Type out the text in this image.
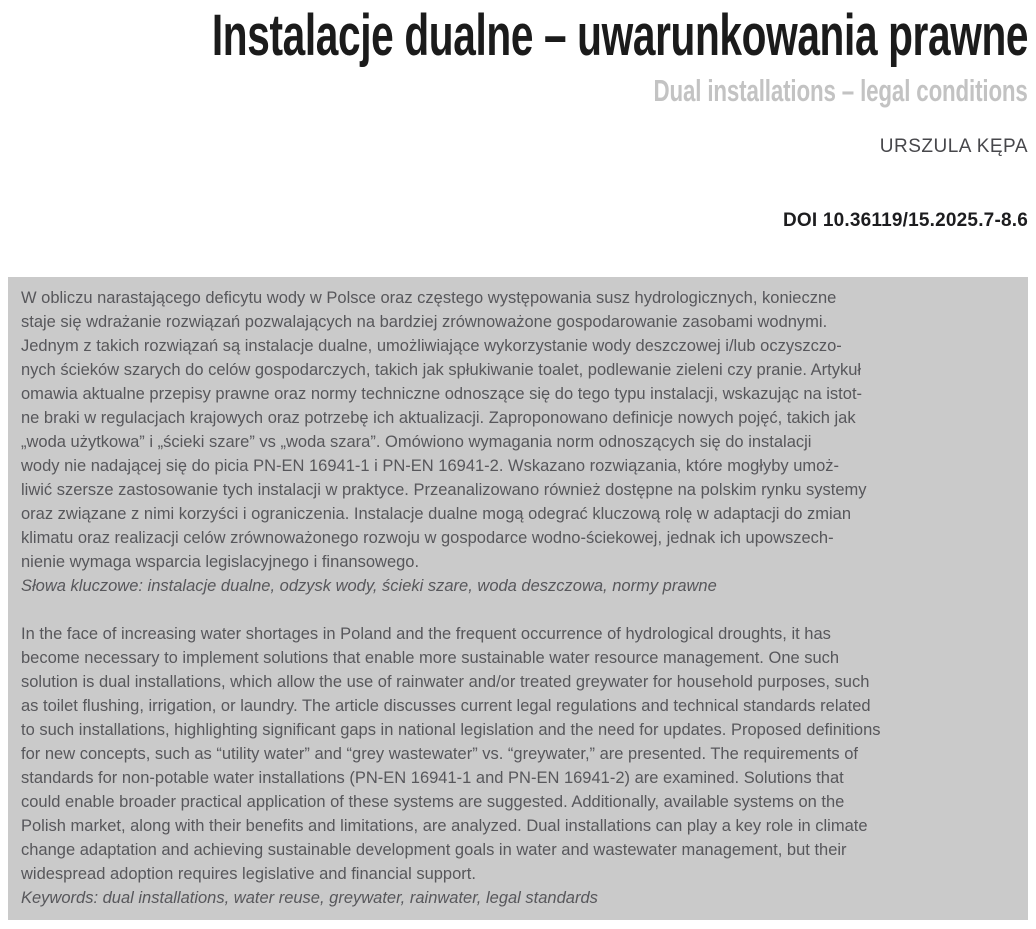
Instalacje dualne – uwarunkowania prawne
Dual installations – legal conditions
URSZULA KĘPA
DOI 10.36119/15.2025.7-8.6
W obliczu narastającego deficytu wody w Polsce oraz częstego występowania susz hydrologicznych, konieczne
staje się wdrażanie rozwiązań pozwalających na bardziej zrównoważone gospodarowanie zasobami wodnymi.
Jednym z takich rozwiązań są instalacje dualne, umożliwiające wykorzystanie wody deszczowej i/lub oczyszczo-
nych ścieków szarych do celów gospodarczych, takich jak spłukiwanie toalet, podlewanie zieleni czy pranie. Artykuł
omawia aktualne przepisy prawne oraz normy techniczne odnoszące się do tego typu instalacji, wskazując na istot-
ne braki w regulacjach krajowych oraz potrzebę ich aktualizacji. Zaproponowano definicje nowych pojęć, takich jak
„woda użytkowa” i „ścieki szare” vs „woda szara”. Omówiono wymagania norm odnoszących się do instalacji
wody nie nadającej się do picia PN-EN 16941-1 i PN-EN 16941-2. Wskazano rozwiązania, które mogłyby umoż-
liwić szersze zastosowanie tych instalacji w praktyce. Przeanalizowano również dostępne na polskim rynku systemy
oraz związane z nimi korzyści i ograniczenia. Instalacje dualne mogą odegrać kluczową rolę w adaptacji do zmian
klimatu oraz realizacji celów zrównoważonego rozwoju w gospodarce wodno-ściekowej, jednak ich upowszech-
nienie wymaga wsparcia legislacyjnego i finansowego.
Słowa kluczowe: instalacje dualne, odzysk wody, ścieki szare, woda deszczowa, normy prawne
In the face of increasing water shortages in Poland and the frequent occurrence of hydrological droughts, it has
become necessary to implement solutions that enable more sustainable water resource management. One such
solution is dual installations, which allow the use of rainwater and/or treated greywater for household purposes, such
as toilet flushing, irrigation, or laundry. The article discusses current legal regulations and technical standards related
to such installations, highlighting significant gaps in national legislation and the need for updates. Proposed definitions
for new concepts, such as “utility water” and “grey wastewater” vs. “greywater,” are presented. The requirements of
standards for non-potable water installations (PN-EN 16941-1 and PN-EN 16941-2) are examined. Solutions that
could enable broader practical application of these systems are suggested. Additionally, available systems on the
Polish market, along with their benefits and limitations, are analyzed. Dual installations can play a key role in climate
change adaptation and achieving sustainable development goals in water and wastewater management, but their
widespread adoption requires legislative and financial support.
Keywords: dual installations, water reuse, greywater, rainwater, legal standards
